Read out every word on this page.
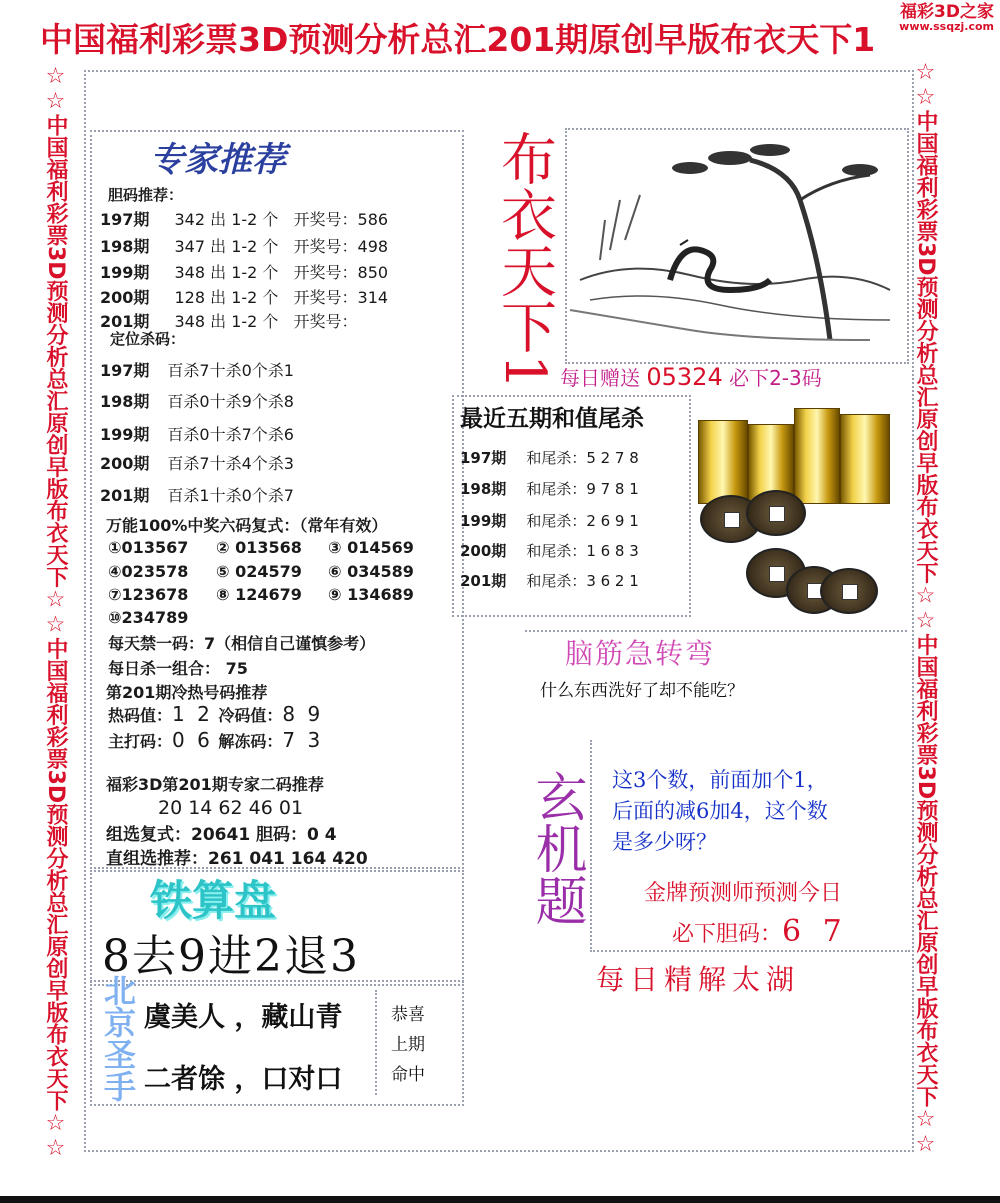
中国福利彩票3D预测分析总汇201期原创早版布衣天下1
福彩3D之家
www.ssqzj.com
☆☆中国福利彩票3D预测分析总汇原创早版布衣天下☆☆中国福利彩票3D预测分析总汇原创早版布衣天下☆☆	☆☆中国福利彩票3D预测分析总汇原创早版布衣天下☆☆中国福利彩票3D预测分析总汇原创早版布衣天下☆☆
专家推荐
胆码推荐：
197期 342 出 1-2 个 开奖号：586
198期 347 出 1-2 个 开奖号：498
199期 348 出 1-2 个 开奖号：850
200期 128 出 1-2 个 开奖号：314
201期 348 出 1-2 个 开奖号：
定位杀码：
197期 百杀7十杀0个杀1
198期 百杀0十杀9个杀8
199期 百杀0十杀7个杀6
200期 百杀7十杀4个杀3
201期 百杀1十杀0个杀7
万能100%中奖六码复式：（常年有效）
①013567 ② 013568 ③ 014569
④023578 ⑤ 024579 ⑥ 034589
⑦123678 ⑧ 124679 ⑨ 134689
⑩234789
每天禁一码：7（相信自己谨慎参考）
每日杀一组合： 75
第201期冷热号码推荐
热码值：1 2 冷码值：8 9
主打码：0 6 解冻码：7 3
福彩3D第201期专家二码推荐
20 14 62 46 01
组选复式：20641 胆码：0 4
直组选推荐：261 041 164 420
铁算盘
8去9进2退3
北京圣手 虞美人 ，藏山青
二者馀 ，口对口
恭喜
上期
命中
布衣天下1 每日赠送 05324 必下2-3码
最近五期和值尾杀
197期 和尾杀：5 2 7 8
198期 和尾杀：9 7 8 1
199期 和尾杀：2 6 9 1
200期 和尾杀：1 6 8 3
201期 和尾杀：3 6 2 1
脑筋急转弯
什么东西洗好了却不能吃？
玄机题 这3个数，前面加个1，
后面的减6加4，这个数
是多少呀？
金牌预测师预测今日
必下胆码：6 7
每日精解太湖
